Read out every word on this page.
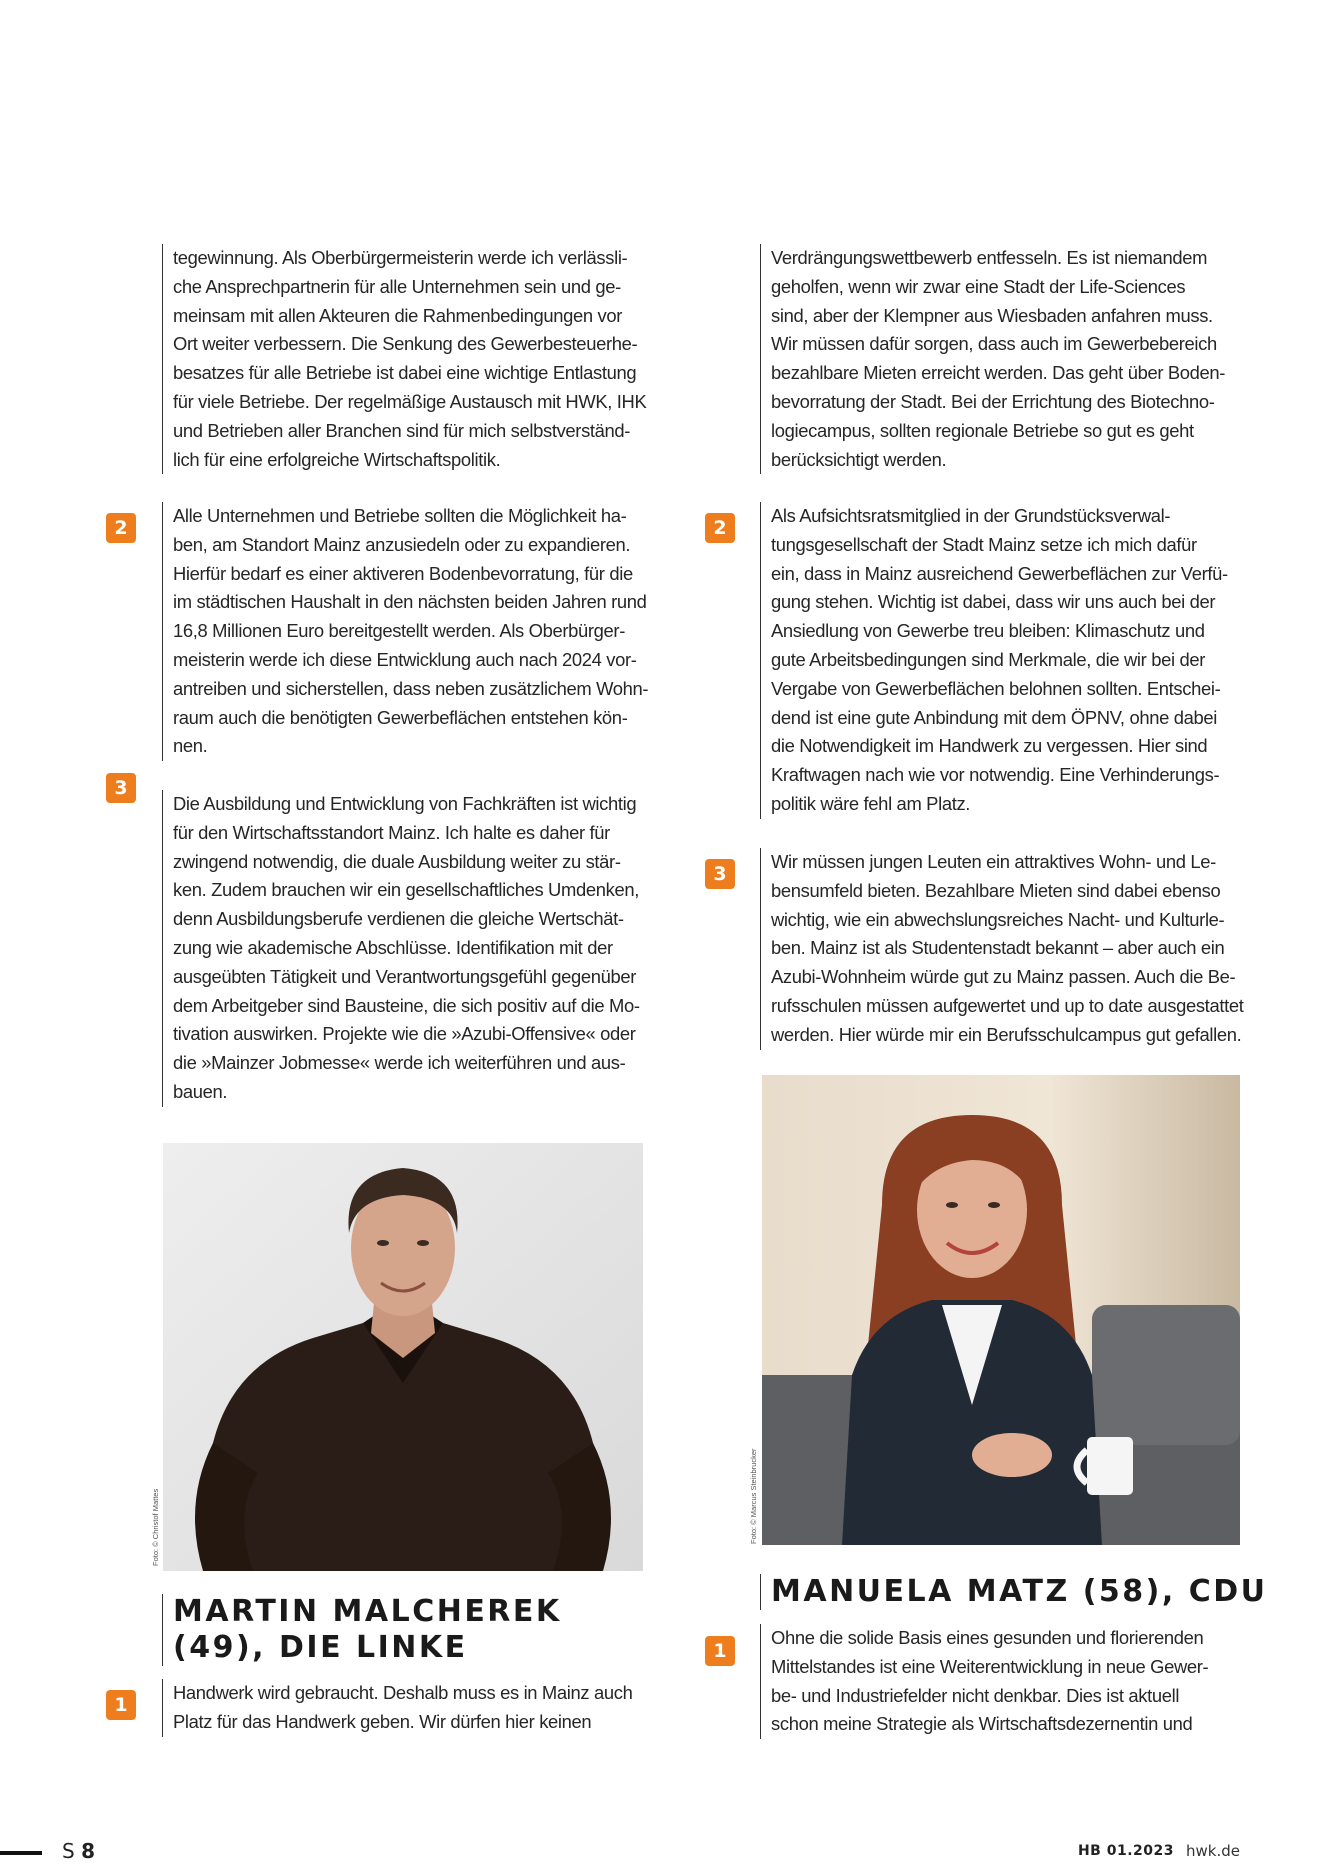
tegewinnung. Als Oberbürgermeisterin werde ich verlässli-
che Ansprechpartnerin für alle Unternehmen sein und ge-
meinsam mit allen Akteuren die Rahmenbedingungen vor
Ort weiter verbessern. Die Senkung des Gewerbesteuerhe-
besatzes für alle Betriebe ist dabei eine wichtige Entlastung
für viele Betriebe. Der regelmäßige Austausch mit HWK, IHK
und Betrieben aller Branchen sind für mich selbstverständ-
lich für eine erfolgreiche Wirtschaftspolitik.
2
Alle Unternehmen und Betriebe sollten die Möglichkeit ha-
ben, am Standort Mainz anzusiedeln oder zu expandieren.
Hierfür bedarf es einer aktiveren Bodenbevorratung, für die
im städtischen Haushalt in den nächsten beiden Jahren rund
16,8 Millionen Euro bereitgestellt werden. Als Oberbürger-
meisterin werde ich diese Entwicklung auch nach 2024 vor-
antreiben und sicherstellen, dass neben zusätzlichem Wohn-
raum auch die benötigten Gewerbeflächen entstehen kön-
nen.
3
Die Ausbildung und Entwicklung von Fachkräften ist wichtig
für den Wirtschaftsstandort Mainz. Ich halte es daher für
zwingend notwendig, die duale Ausbildung weiter zu stär-
ken. Zudem brauchen wir ein gesellschaftliches Umdenken,
denn Ausbildungsberufe verdienen die gleiche Wertschät-
zung wie akademische Abschlüsse. Identifikation mit der
ausgeübten Tätigkeit und Verantwortungsgefühl gegenüber
dem Arbeitgeber sind Bausteine, die sich positiv auf die Mo-
tivation auswirken. Projekte wie die »Azubi-Offensive« oder
die »Mainzer Jobmesse« werde ich weiterführen und aus-
bauen.
Foto: © Christof Mattes
MARTIN MALCHEREK
(49), DIE LINKE
1
Handwerk wird gebraucht. Deshalb muss es in Mainz auch
Platz für das Handwerk geben. Wir dürfen hier keinen
Verdrängungswettbewerb entfesseln. Es ist niemandem
geholfen, wenn wir zwar eine Stadt der Life-Sciences
sind, aber der Klempner aus Wiesbaden anfahren muss.
Wir müssen dafür sorgen, dass auch im Gewerbebereich
bezahlbare Mieten erreicht werden. Das geht über Boden-
bevorratung der Stadt. Bei der Errichtung des Biotechno-
logiecampus, sollten regionale Betriebe so gut es geht
berücksichtigt werden.
2
Als Aufsichtsratsmitglied in der Grundstücksverwal-
tungsgesellschaft der Stadt Mainz setze ich mich dafür
ein, dass in Mainz ausreichend Gewerbeflächen zur Verfü-
gung stehen. Wichtig ist dabei, dass wir uns auch bei der
Ansiedlung von Gewerbe treu bleiben: Klimaschutz und
gute Arbeitsbedingungen sind Merkmale, die wir bei der
Vergabe von Gewerbeflächen belohnen sollten. Entschei-
dend ist eine gute Anbindung mit dem ÖPNV, ohne dabei
die Notwendigkeit im Handwerk zu vergessen. Hier sind
Kraftwagen nach wie vor notwendig. Eine Verhinderungs-
politik wäre fehl am Platz.
3
Wir müssen jungen Leuten ein attraktives Wohn- und Le-
bensumfeld bieten. Bezahlbare Mieten sind dabei ebenso
wichtig, wie ein abwechslungsreiches Nacht- und Kulturle-
ben. Mainz ist als Studentenstadt bekannt – aber auch ein
Azubi-Wohnheim würde gut zu Mainz passen. Auch die Be-
rufsschulen müssen aufgewertet und up to date ausgestattet
werden. Hier würde mir ein Berufsschulcampus gut gefallen.
Foto: © Marcus Steinbrucker
MANUELA MATZ (58), CDU
1
Ohne die solide Basis eines gesunden und florierenden
Mittelstandes ist eine Weiterentwicklung in neue Gewer-
be- und Industriefelder nicht denkbar. Dies ist aktuell
schon meine Strategie als Wirtschaftsdezernentin und
S 8	HB 01.2023 hwk.de
